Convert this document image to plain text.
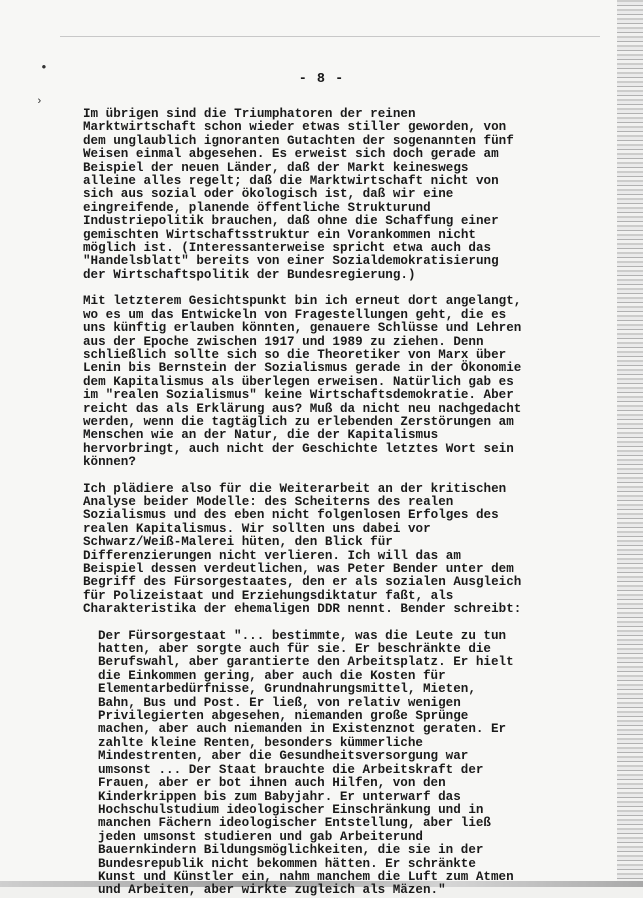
•
›
- 8 -
Im übrigen sind die Triumphatoren der reinen
Marktwirtschaft schon wieder etwas stiller geworden, von
dem unglaublich ignoranten Gutachten der sogenannten fünf
Weisen einmal abgesehen. Es erweist sich doch gerade am
Beispiel der neuen Länder, daß der Markt keineswegs
alleine alles regelt; daß die Marktwirtschaft nicht von
sich aus sozial oder ökologisch ist, daß wir eine
eingreifende, planende öffentliche Strukturund
Industriepolitik brauchen, daß ohne die Schaffung einer
gemischten Wirtschaftsstruktur ein Vorankommen nicht
möglich ist. (Interessanterweise spricht etwa auch das
"Handelsblatt" bereits von einer Sozialdemokratisierung
der Wirtschaftspolitik der Bundesregierung.)
Mit letzterem Gesichtspunkt bin ich erneut dort angelangt,
wo es um das Entwickeln von Fragestellungen geht, die es
uns künftig erlauben könnten, genauere Schlüsse und Lehren
aus der Epoche zwischen 1917 und 1989 zu ziehen. Denn
schließlich sollte sich so die Theoretiker von Marx über
Lenin bis Bernstein der Sozialismus gerade in der Ökonomie
dem Kapitalismus als überlegen erweisen. Natürlich gab es
im "realen Sozialismus" keine Wirtschaftsdemokratie. Aber
reicht das als Erklärung aus? Muß da nicht neu nachgedacht
werden, wenn die tagtäglich zu erlebenden Zerstörungen am
Menschen wie an der Natur, die der Kapitalismus
hervorbringt, auch nicht der Geschichte letztes Wort sein
können?
Ich plädiere also für die Weiterarbeit an der kritischen
Analyse beider Modelle: des Scheiterns des realen
Sozialismus und des eben nicht folgenlosen Erfolges des
realen Kapitalismus. Wir sollten uns dabei vor
Schwarz/Weiß-Malerei hüten, den Blick für
Differenzierungen nicht verlieren. Ich will das am
Beispiel dessen verdeutlichen, was Peter Bender unter dem
Begriff des Fürsorgestaates, den er als sozialen Ausgleich
für Polizeistaat und Erziehungsdiktatur faßt, als
Charakteristika der ehemaligen DDR nennt. Bender schreibt:
Der Fürsorgestaat "... bestimmte, was die Leute zu tun
hatten, aber sorgte auch für sie. Er beschränkte die
Berufswahl, aber garantierte den Arbeitsplatz. Er hielt
die Einkommen gering, aber auch die Kosten für
Elementarbedürfnisse, Grundnahrungsmittel, Mieten,
Bahn, Bus und Post. Er ließ, von relativ wenigen
Privilegierten abgesehen, niemanden große Sprünge
machen, aber auch niemanden in Existenznot geraten. Er
zahlte kleine Renten, besonders kümmerliche
Mindestrenten, aber die Gesundheitsversorgung war
umsonst ... Der Staat brauchte die Arbeitskraft der
Frauen, aber er bot ihnen auch Hilfen, von den
Kinderkrippen bis zum Babyjahr. Er unterwarf das
Hochschulstudium ideologischer Einschränkung und in
manchen Fächern ideologischer Entstellung, aber ließ
jeden umsonst studieren und gab Arbeiterund
Bauernkindern Bildungsmöglichkeiten, die sie in der
Bundesrepublik nicht bekommen hätten. Er schränkte
Kunst und Künstler ein, nahm manchem die Luft zum Atmen
und Arbeiten, aber wirkte zugleich als Mäzen."
